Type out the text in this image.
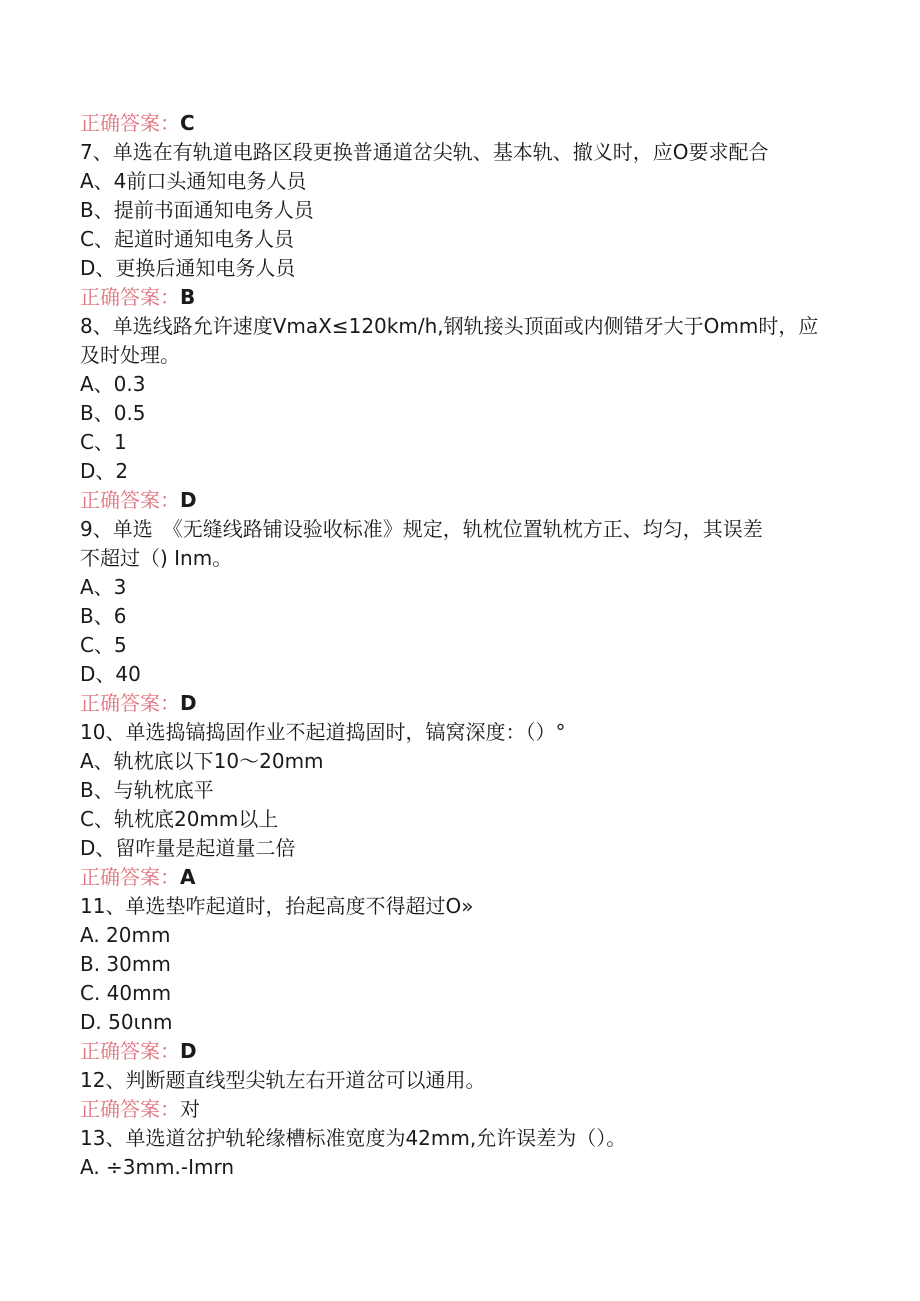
正确答案：C
7、单选在有轨道电路区段更换普通道岔尖轨、基本轨、撤义时，应O要求配合
A、4前口头通知电务人员
B、提前书面通知电务人员
C、起道时通知电务人员
D、更换后通知电务人员
正确答案：B
8、单选线路允许速度VmaX≤120km/h,钢轨接头顶面或内侧错牙大于Omm时，应
及时处理。
A、0.3
B、0.5
C、1
D、2
正确答案：D
9、单选　《无缝线路铺设验收标准》规定，轨枕位置轨枕方正、均匀，其误差
不超过（) Inm。
A、3
B、6
C、5
D、40
正确答案：D
10、单选捣镐捣固作业不起道捣固时，镐窝深度：（）°
A、轨枕底以下10〜20mm
B、与轨枕底平
C、轨枕底20mm以上
D、留咋量是起道量二倍
正确答案：A
11、单选垫咋起道时，抬起高度不得超过O»
A. 20mm
B. 30mm
C. 40mm
D. 50ιnm
正确答案：D
12、判断题直线型尖轨左右开道岔可以通用。
正确答案：对
13、单选道岔护轨轮缘槽标准宽度为42mm,允许误差为（）。
A. ÷3mm.-Imrn
